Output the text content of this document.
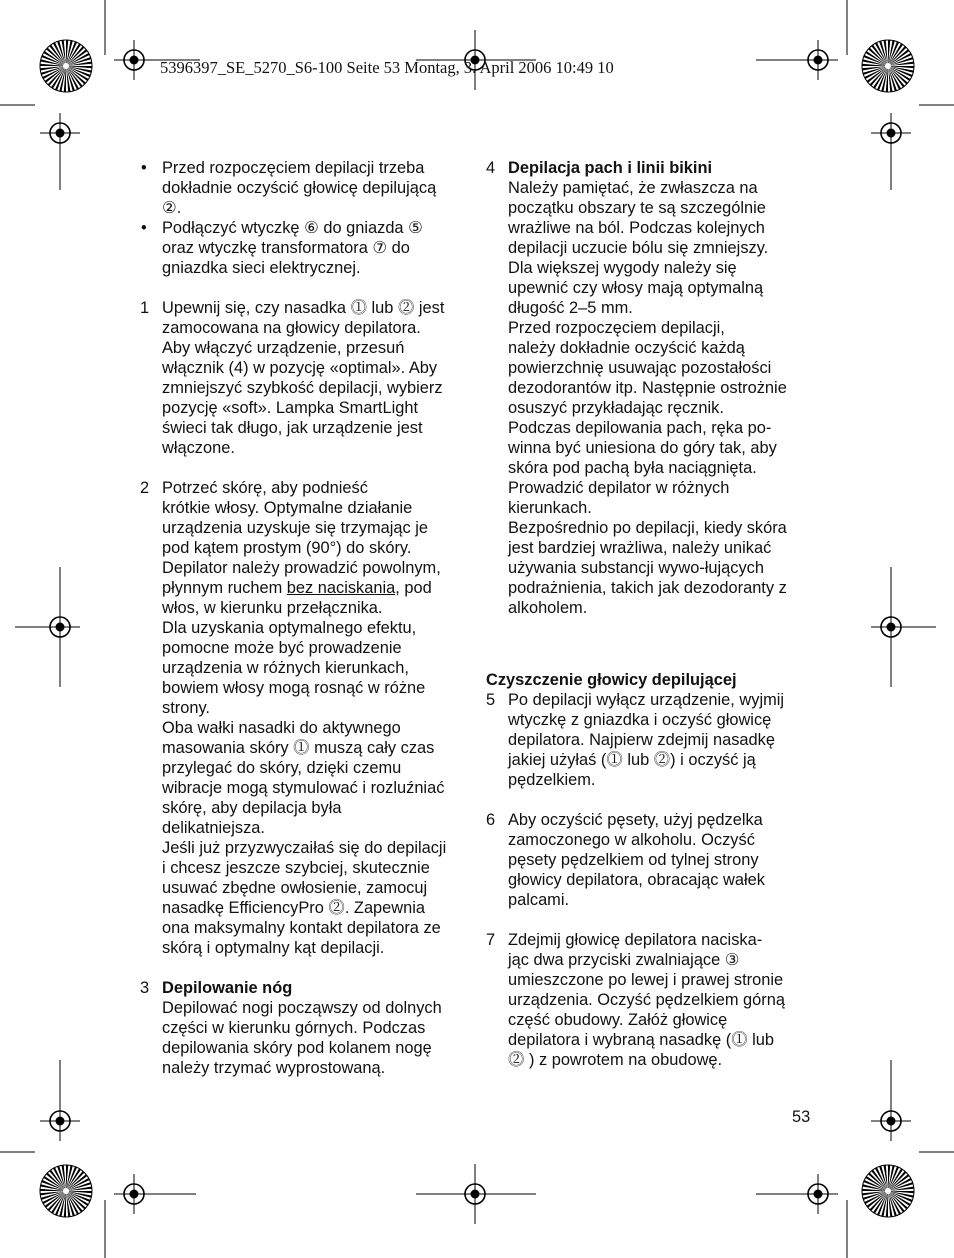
5396397_SE_5270_S6-100 Seite 53 Montag, 3. April 2006 10:49 10
• Przed rozpoczęciem depilacji trzeba
dokładnie oczyścić głowicę depilującą
②.
• Podłączyć wtyczkę ⑥ do gniazda ⑤
oraz wtyczkę transformatora ⑦ do
gniazdka sieci elektrycznej.
1 Upewnij się, czy nasadka ⓵ lub ⓶ jest
zamocowana na głowicy depilatora.
Aby włączyć urządzenie, przesuń
włącznik (4) w pozycję «optimal». Aby
zmniejszyć szybkość depilacji, wybierz
pozycję «soft». Lampka SmartLight
świeci tak długo, jak urządzenie jest
włączone.
2 Potrzeć skórę, aby podnieść
krótkie włosy. Optymalne działanie
urządzenia uzyskuje się trzymając je
pod kątem prostym (90°) do skóry.
Depilator należy prowadzić powolnym,
płynnym ruchem bez naciskania, pod
włos, w kierunku przełącznika.
Dla uzyskania optymalnego efektu,
pomocne może być prowadzenie
urządzenia w różnych kierunkach,
bowiem włosy mogą rosnąć w różne
strony.
Oba wałki nasadki do aktywnego
masowania skóry ⓵ muszą cały czas
przylegać do skóry, dzięki czemu
wibracje mogą stymulować i rozluźniać
skórę, aby depilacja była
delikatniejsza.
Jeśli już przyzwyczaiłaś się do depilacji
i chcesz jeszcze szybciej, skutecznie
usuwać zbędne owłosienie, zamocuj
nasadkę EfficiencyPro ⓶. Zapewnia
ona maksymalny kontakt depilatora ze
skórą i optymalny kąt depilacji.
3 Depilowanie nóg
Depilować nogi począwszy od dolnych
części w kierunku górnych. Podczas
depilowania skóry pod kolanem nogę
należy trzymać wyprostowaną.
4 Depilacja pach i linii bikini
Należy pamiętać, że zwłaszcza na
początku obszary te są szczególnie
wrażliwe na ból. Podczas kolejnych
depilacji uczucie bólu się zmniejszy.
Dla większej wygody należy się
upewnić czy włosy mają optymalną
długość 2–5 mm.
Przed rozpoczęciem depilacji,
należy dokładnie oczyścić każdą
powierzchnię usuwając pozostałości
dezodorantów itp. Następnie ostrożnie
osuszyć przykładając ręcznik.
Podczas depilowania pach, ręka po-
winna być uniesiona do góry tak, aby
skóra pod pachą była naciągnięta.
Prowadzić depilator w różnych
kierunkach.
Bezpośrednio po depilacji, kiedy skóra
jest bardziej wrażliwa, należy unikać
używania substancji wywo-łujących
podrażnienia, takich jak dezodoranty z
alkoholem.
Czyszczenie głowicy depilującej
5 Po depilacji wyłącz urządzenie, wyjmij
wtyczkę z gniazdka i oczyść głowicę
depilatora. Najpierw zdejmij nasadkę
jakiej użyłaś (⓵ lub ⓶) i oczyść ją
pędzelkiem.
6 Aby oczyścić pęsety, użyj pędzelka
zamoczonego w alkoholu. Oczyść
pęsety pędzelkiem od tylnej strony
głowicy depilatora, obracając wałek
palcami.
7 Zdejmij głowicę depilatora naciska-
jąc dwa przyciski zwalniające ③
umieszczone po lewej i prawej stronie
urządzenia. Oczyść pędzelkiem górną
część obudowy. Załóż głowicę
depilatora i wybraną nasadkę (⓵ lub
⓶ ) z powrotem na obudowę.
53
